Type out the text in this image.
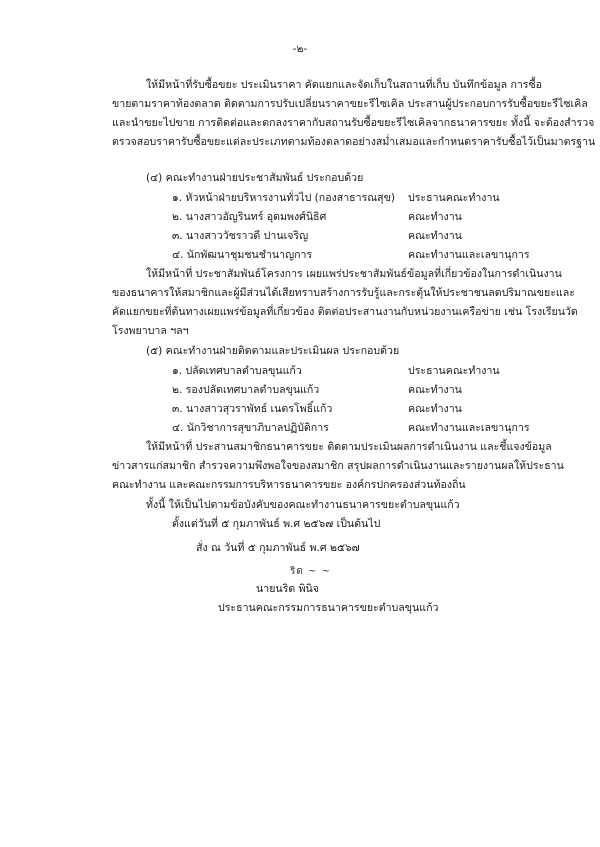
-๒-
ให้มีหน้าที่รับซื้อขยะ ประเมินราคา คัดแยกและจัดเก็บในสถานที่เก็บ บันทึกข้อมูล การซื้อ
ขายตามราคาท้องตลาด ติดตามการปรับเปลี่ยนราคาขยะรีไซเคิล ประสานผู้ประกอบการรับซื้อขยะรีไซเคิล
และนำขยะไปขาย การติดต่อและตกลงราคากับสถานรับซื้อขยะรีไซเคิลจากธนาคารขยะ ทั้งนี้ จะต้องสำรวจ
ตรวจสอบราคารับซื้อขยะแต่ละประเภทตามท้องตลาดอย่างสม่ำเสมอและกำหนดราคารับซื้อไว้เป็นมาตรฐาน
(๔) คณะทำงานฝ่ายประชาสัมพันธ์ ประกอบด้วย
๑. หัวหน้าฝ่ายบริหารงานทั่วไป (กองสาธารณสุข) ประธานคณะทำงาน
๒. นางสาวอัญรินทร์ อุดมพงศ์นิธิศ	คณะทำงาน
๓. นางสาววัชราวดี ปานเจริญ	คณะทำงาน
๔. นักพัฒนาชุมชนชำนาญการ	คณะทำงานและเลขานุการ
ให้มีหน้าที่ ประชาสัมพันธ์โครงการ เผยแพร่ประชาสัมพันธ์ข้อมูลที่เกี่ยวข้องในการดำเนินงาน
ของธนาคารให้สมาชิกและผู้มีส่วนได้เสียทราบสร้างการรับรู้และกระตุ้นให้ประชาชนลดปริมาณขยะและ
คัดแยกขยะที่ต้นทางเผยแพร่ข้อมูลที่เกี่ยวข้อง ติดต่อประสานงานกับหน่วยงานเครือข่าย เช่น โรงเรียนวัด
โรงพยาบาล ฯลฯ
(๕) คณะทำงานฝ่ายติดตามและประเมินผล ประกอบด้วย
๑. ปลัดเทศบาลตำบลขุนแก้ว	ประธานคณะทำงาน
๒. รองปลัดเทศบาลตำบลขุนแก้ว	คณะทำงาน
๓. นางสาวสุวราพัทธ์ เนตรโพธิ์แก้ว	คณะทำงาน
๔. นักวิชาการสุขาภิบาลปฏิบัติการ	คณะทำงานและเลขานุการ
ให้มีหน้าที่ ประสานสมาชิกธนาคารขยะ ติดตามประเมินผลการดำเนินงาน และชี้แจงข้อมูล
ข่าวสารแก่สมาชิก สำรวจความพึงพอใจของสมาชิก สรุปผลการดำเนินงานและรายงานผลให้ประธาน
คณะทำงาน และคณะกรรมการบริหารธนาคารขยะ องค์กรปกครองส่วนท้องถิ่น
ทั้งนี้ ให้เป็นไปตามข้อบังคับของคณะทำงานธนาคารขยะตำบลขุนแก้ว
ตั้งแต่วันที่ ๕ กุมภาพันธ์ พ.ศ ๒๕๖๗ เป็นต้นไป
สั่ง ณ วันที่ ๕ กุมภาพันธ์ พ.ศ ๒๕๖๗
ริด ~ ~
นายนริด พินิจ
ประธานคณะกรรมการธนาคารขยะตำบลขุนแก้ว
